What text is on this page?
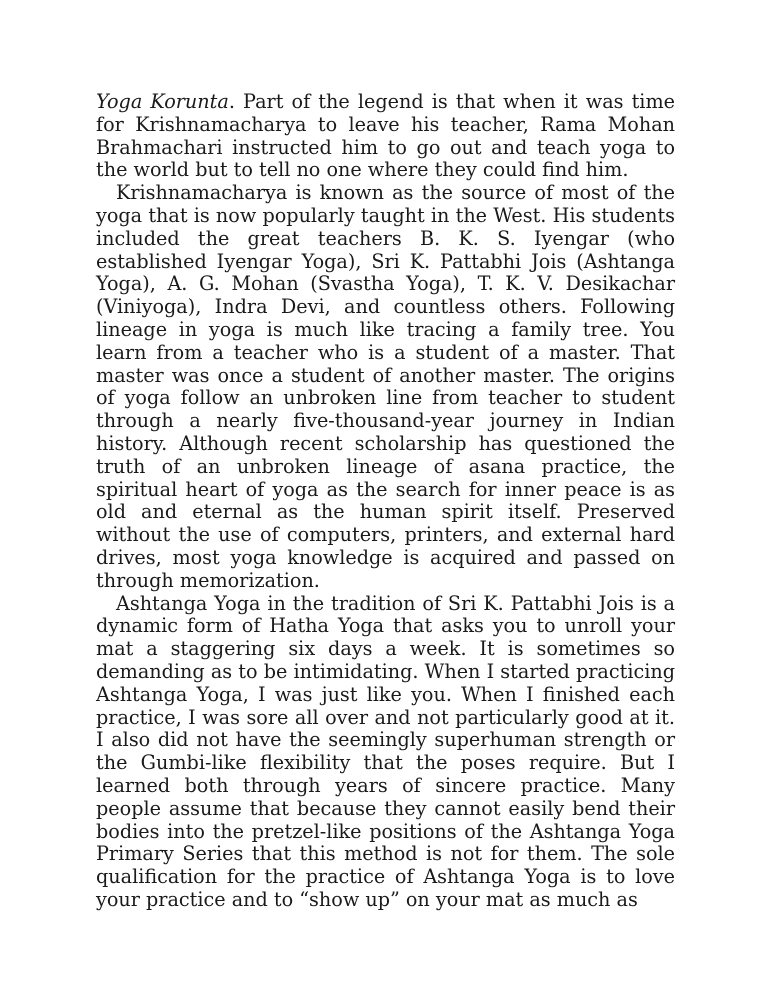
Yoga Korunta. Part of the legend is that when it was time for Krishnamacharya to leave his teacher, Rama Mohan Brahmachari instructed him to go out and teach yoga to the world but to tell no one where they could find him.

Krishnamacharya is known as the source of most of the yoga that is now popularly taught in the West. His students included the great teachers B. K. S. Iyengar (who established Iyengar Yoga), Sri K. Pattabhi Jois (Ashtanga Yoga), A. G. Mohan (Svastha Yoga), T. K. V. Desikachar (Viniyoga), Indra Devi, and countless others. Following lineage in yoga is much like tracing a family tree. You learn from a teacher who is a student of a master. That master was once a student of another master. The origins of yoga follow an unbroken line from teacher to student through a nearly five-thousand-year journey in Indian history. Although recent scholarship has questioned the truth of an unbroken lineage of asana practice, the spiritual heart of yoga as the search for inner peace is as old and eternal as the human spirit itself. Preserved without the use of computers, printers, and external hard drives, most yoga knowledge is acquired and passed on through memorization.

Ashtanga Yoga in the tradition of Sri K. Pattabhi Jois is a dynamic form of Hatha Yoga that asks you to unroll your mat a staggering six days a week. It is sometimes so demanding as to be intimidating. When I started practicing Ashtanga Yoga, I was just like you. When I finished each practice, I was sore all over and not particularly good at it. I also did not have the seemingly superhuman strength or the Gumbi-like flexibility that the poses require. But I learned both through years of sincere practice. Many people assume that because they cannot easily bend their bodies into the pretzel-like positions of the Ashtanga Yoga Primary Series that this method is not for them. The sole qualification for the practice of Ashtanga Yoga is to love your practice and to “show up” on your mat as much as
